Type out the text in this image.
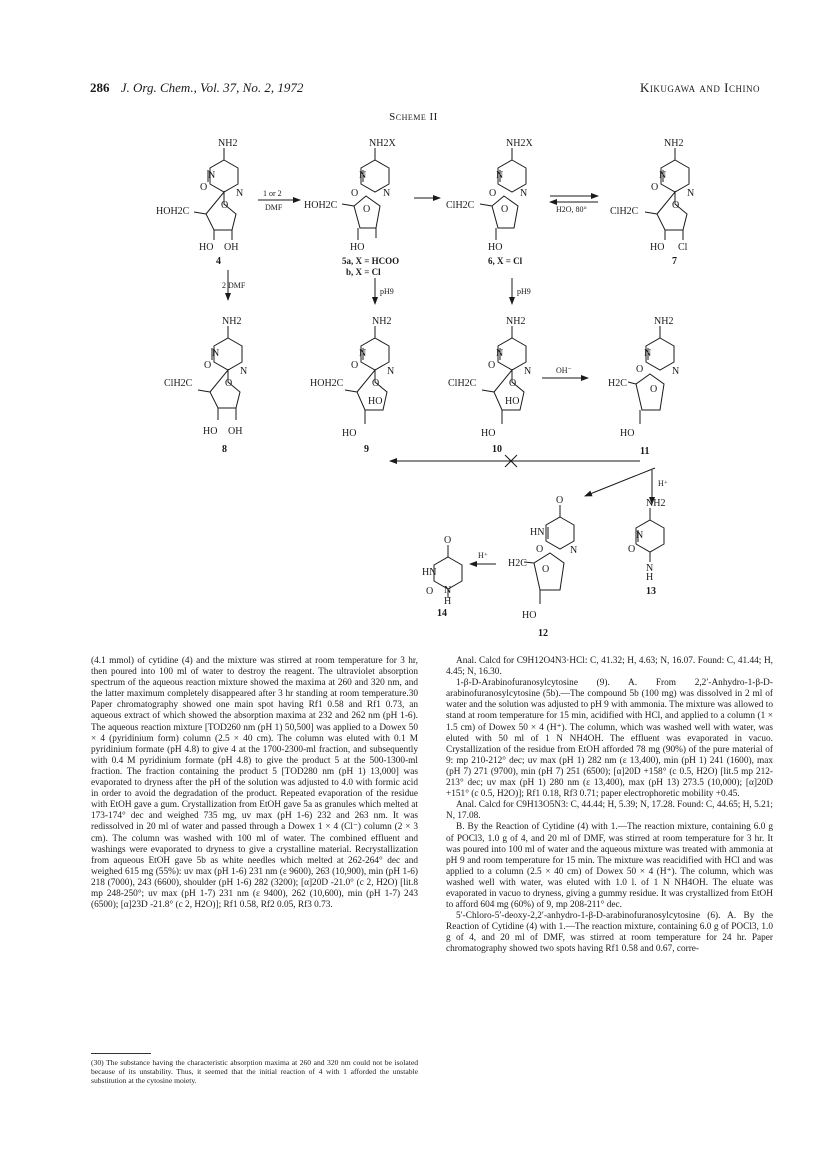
286 J. Org. Chem., Vol. 37, No. 2, 1972	Kikugawa and Ichino
Scheme II
NH2
N
N
O
HOH2C
O
HO OH
4
NH2X
N
N
O
HOH2C	O
HO
5a, X = HCOO
b, X = Cl
NH2X
N
N
O
ClH2C	O
HO
6, X = Cl
NH2
N
N
O
ClH2C
O
HO Cl
7
NH2
N
N
O
ClH2C	O
HO OH
8
NH2
N
N
O
HOH2C	O
HO
HO
9
NH2
N
N
O
ClH2C	O
HO
HO
10
NH2
N
N
O
H2C
O
HO
11
O
HN
N
O
H2C
O
HO
12
NH2
N
O
N
H
13
O
HN
O N
H
14
1 or 2
DMF	H2O, 80°
2 DMF
pH9	pH9
OH⁻
H⁺
H⁺

(4.1 mmol) of cytidine (4) and the mixture was stirred at room temperature for 3 hr, then poured into 100 ml of water to destroy the reagent. The ultraviolet absorption spectrum of the aqueous reaction mixture showed the maxima at 260 and 320 nm, and the latter maximum completely disappeared after 3 hr standing at room temperature.30 Paper chromatography showed one main spot having Rf1 0.58 and Rf1 0.73, an aqueous extract of which showed the absorption maxima at 232 and 262 nm (pH 1-6). The aqueous reaction mixture [TOD260 nm (pH 1) 50,500] was applied to a Dowex 50 × 4 (pyridinium form) column (2.5 × 40 cm). The column was eluted with 0.1 M pyridinium formate (pH 4.8) to give 4 at the 1700-2300-ml fraction, and subsequently with 0.4 M pyridinium formate (pH 4.8) to give the product 5 at the 500-1300-ml fraction. The fraction containing the product 5 [TOD280 nm (pH 1) 13,000] was evaporated to dryness after the pH of the solution was adjusted to 4.0 with formic acid in order to avoid the degradation of the product. Repeated evaporation of the residue with EtOH gave a gum. Crystallization from EtOH gave 5a as granules which melted at 173-174° dec and weighed 735 mg, uv max (pH 1-6) 232 and 263 nm. It was redissolved in 20 ml of water and passed through a Dowex 1 × 4 (Cl⁻) column (2 × 3 cm). The column was washed with 100 ml of water. The combined effluent and washings were evaporated to dryness to give a crystalline material. Recrystallization from aqueous EtOH gave 5b as white needles which melted at 262-264° dec and weighed 615 mg (55%): uv max (pH 1-6) 231 nm (ε 9600), 263 (10,900), min (pH 1-6) 218 (7000), 243 (6600), shoulder (pH 1-6) 282 (3200); [α]20D -21.0° (c 2, H2O) [lit.8 mp 248-250°; uv max (pH 1-7) 231 nm (ε 9400), 262 (10,600), min (pH 1-7) 243 (6500); [α]23D -21.8° (c 2, H2O)]; Rf1 0.58, Rf2 0.05, Rf3 0.73.

(30) The substance having the characteristic absorption maxima at 260 and 320 nm could not be isolated because of its unstability. Thus, it seemed that the initial reaction of 4 with 1 afforded the unstable substitution at the cytosine moiety.

Anal. Calcd for C9H12O4N3·HCl: C, 41.32; H, 4.63; N, 16.07. Found: C, 41.44; H, 4.45; N, 16.30.

1-β-D-Arabinofuranosylcytosine (9). A. From 2,2′-Anhydro-1-β-D-arabinofuranosylcytosine (5b).—The compound 5b (100 mg) was dissolved in 2 ml of water and the solution was adjusted to pH 9 with ammonia. The mixture was allowed to stand at room temperature for 15 min, acidified with HCl, and applied to a column (1 × 1.5 cm) of Dowex 50 × 4 (H⁺). The column, which was washed well with water, was eluted with 50 ml of 1 N NH4OH. The effluent was evaporated in vacuo. Crystallization of the residue from EtOH afforded 78 mg (90%) of the pure material of 9: mp 210-212° dec; uv max (pH 1) 282 nm (ε 13,400), min (pH 1) 241 (1600), max (pH 7) 271 (9700), min (pH 7) 251 (6500); [α]20D +158° (c 0.5, H2O) [lit.5 mp 212-213° dec; uv max (pH 1) 280 nm (ε 13,400), max (pH 13) 273.5 (10,000); [α]20D +151° (c 0.5, H2O)]; Rf1 0.18, Rf3 0.71; paper electrophoretic mobility +0.45.

Anal. Calcd for C9H13O5N3: C, 44.44; H, 5.39; N, 17.28. Found: C, 44.65; H, 5.21; N, 17.08.

B. By the Reaction of Cytidine (4) with 1.—The reaction mixture, containing 6.0 g of POCl3, 1.0 g of 4, and 20 ml of DMF, was stirred at room temperature for 3 hr. It was poured into 100 ml of water and the aqueous mixture was treated with ammonia at pH 9 and room temperature for 15 min. The mixture was reacidified with HCl and was applied to a column (2.5 × 40 cm) of Dowex 50 × 4 (H⁺). The column, which was washed well with water, was eluted with 1.0 l. of 1 N NH4OH. The eluate was evaporated in vacuo to dryness, giving a gummy residue. It was crystallized from EtOH to afford 604 mg (60%) of 9, mp 208-211° dec.

5′-Chloro-5′-deoxy-2,2′-anhydro-1-β-D-arabinofuranosylcytosine (6). A. By the Reaction of Cytidine (4) with 1.—The reaction mixture, containing 6.0 g of POCl3, 1.0 g of 4, and 20 ml of DMF, was stirred at room temperature for 24 hr. Paper chromatography showed two spots having Rf1 0.58 and 0.67, corre-
